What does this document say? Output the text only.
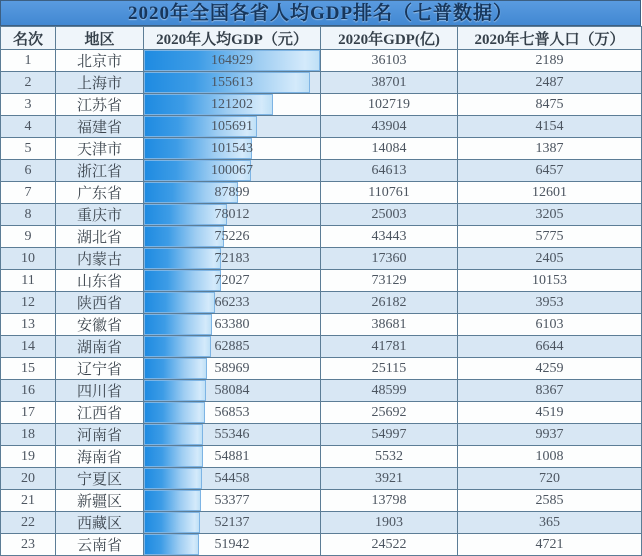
2020年全国各省人均GDP排名（七普数据）
名次	地区	2020年人均GDP（元）	2020年GDP(亿)	2020年七普人口（万）
1	北京市	164929	36103	2189
2	上海市	155613	38701	2487
3	江苏省	121202	102719	8475
4	福建省	105691	43904	4154
5	天津市	101543	14084	1387
6	浙江省	100067	64613	6457
7	广东省	87899	110761	12601
8	重庆市	78012	25003	3205
9	湖北省	75226	43443	5775
10	内蒙古	72183	17360	2405
11	山东省	72027	73129	10153
12	陕西省	66233	26182	3953
13	安徽省	63380	38681	6103
14	湖南省	62885	41781	6644
15	辽宁省	58969	25115	4259
16	四川省	58084	48599	8367
17	江西省	56853	25692	4519
18	河南省	55346	54997	9937
19	海南省	54881	5532	1008
20	宁夏区	54458	3921	720
21	新疆区	53377	13798	2585
22	西藏区	52137	1903	365
23	云南省	51942	24522	4721
